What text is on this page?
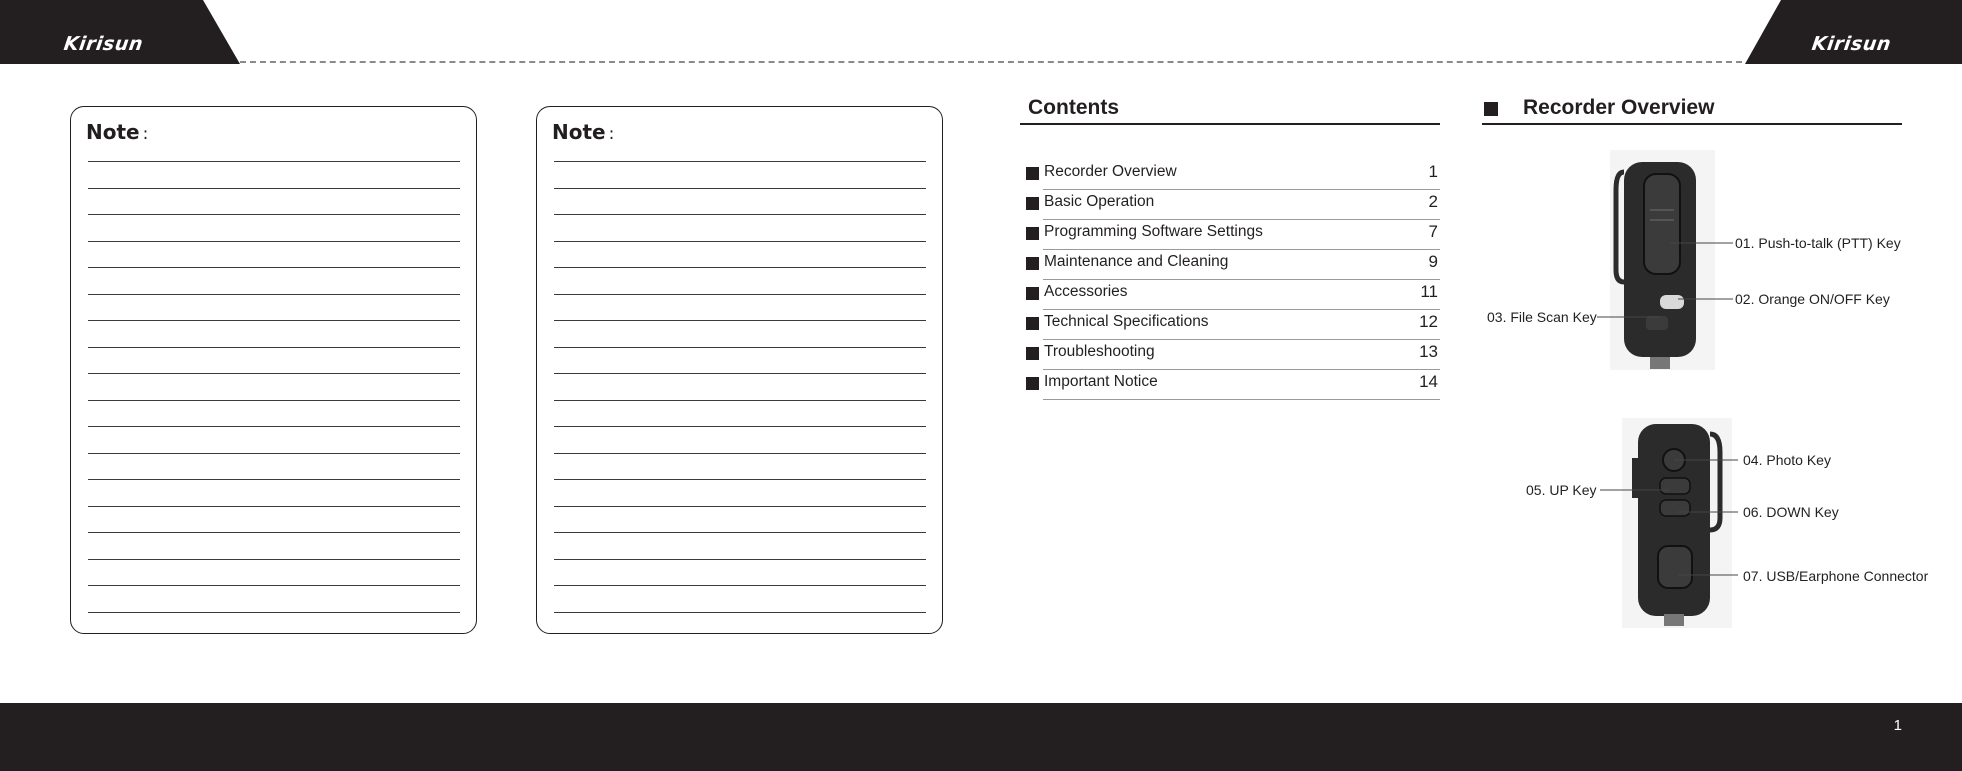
Kirisun	Kirisun
Note :	Note :
Contents
Recorder Overview	1
Basic Operation	2
Programming Software Settings	7
Maintenance and Cleaning	9
Accessories	11
Technical Specifications	12
Troubleshooting	13
Important Notice	14
Recorder Overview
01. Push-to-talk (PTT) Key
02. Orange ON/OFF Key
03. File Scan Key
04. Photo Key
05. UP Key
06. DOWN Key
07. USB/Earphone Connector
1
